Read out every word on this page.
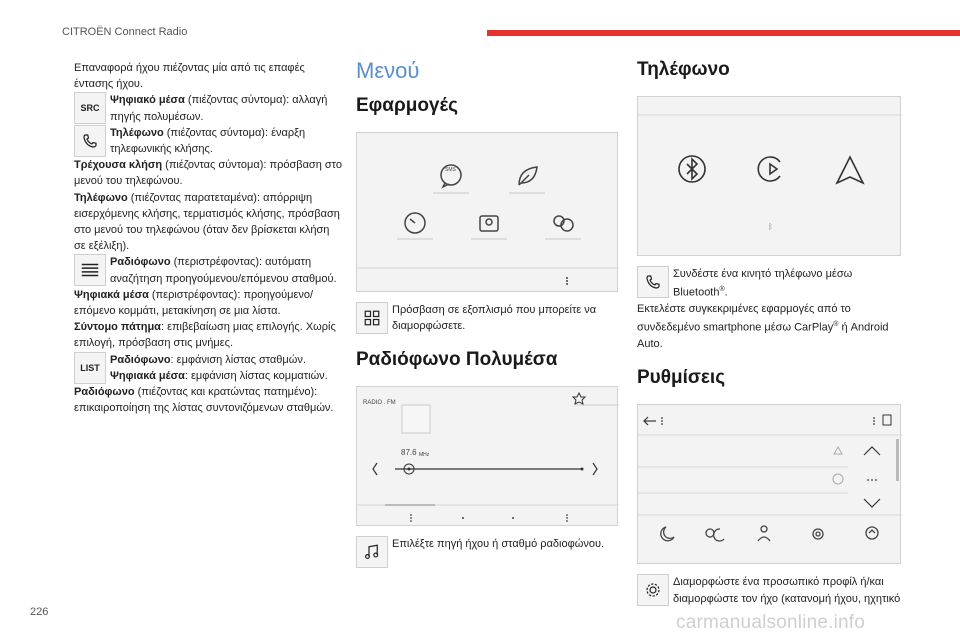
CITROËN Connect Radio
226	carmanualsonline.info

Επαναφορά ήχου πιέζοντας μία από τις επαφές έντασης ήχου.

SRC
Ψηφιακό μέσα (πιέζοντας σύντομα): αλλαγή πηγής πολυμέσων.
Τηλέφωνο (πιέζοντας σύντομα): έναρξη τηλεφωνικής κλήσης.

Τρέχουσα κλήση (πιέζοντας σύντομα): πρόσβαση στο μενού του τηλεφώνου.

Τηλέφωνο (πιέζοντας παρατεταμένα): απόρριψη εισερχόμενης κλήσης, τερματισμός κλήσης, πρόσβαση στο μενού του τηλεφώνου (όταν δεν βρίσκεται κλήση σε εξέλιξη).

Ραδιόφωνο (περιστρέφοντας): αυτόματη αναζήτηση προηγούμενου/επόμενου σταθμού.

Ψηφιακά μέσα (περιστρέφοντας): προηγούμενο/επόμενο κομμάτι, μετακίνηση σε μια λίστα.

Σύντομο πάτημα: επιβεβαίωση μιας επιλογής. Χωρίς επιλογή, πρόσβαση στις μνήμες.

LIST
Ραδιόφωνο: εμφάνιση λίστας σταθμών.
Ψηφιακά μέσα: εμφάνιση λίστας κομματιών.

Ραδιόφωνο (πιέζοντας και κρατώντας πατημένο): επικαιροποίηση της λίστας συντονιζόμενων σταθμών.

Μενού
Εφαρμογές
SMS
Πρόσβαση σε εξοπλισμό που μπορείτε να διαμορφώσετε.
Ραδιόφωνο Πολυμέσα
RADIO . FM
87.6 MHz
Επιλέξτε πηγή ήχου ή σταθμό ραδιοφώνου.
Τηλέφωνο
ᛒ
Συνδέστε ένα κινητό τηλέφωνο μέσω Bluetooth®.

Εκτελέστε συγκεκριμένες εφαρμογές από το συνδεδεμένο smartphone μέσω CarPlay® ή Android Auto.

Ρυθμίσεις
Διαμορφώστε ένα προσωπικό προφίλ ή/και διαμορφώστε τον ήχο (κατανομή ήχου, ηχητικό
